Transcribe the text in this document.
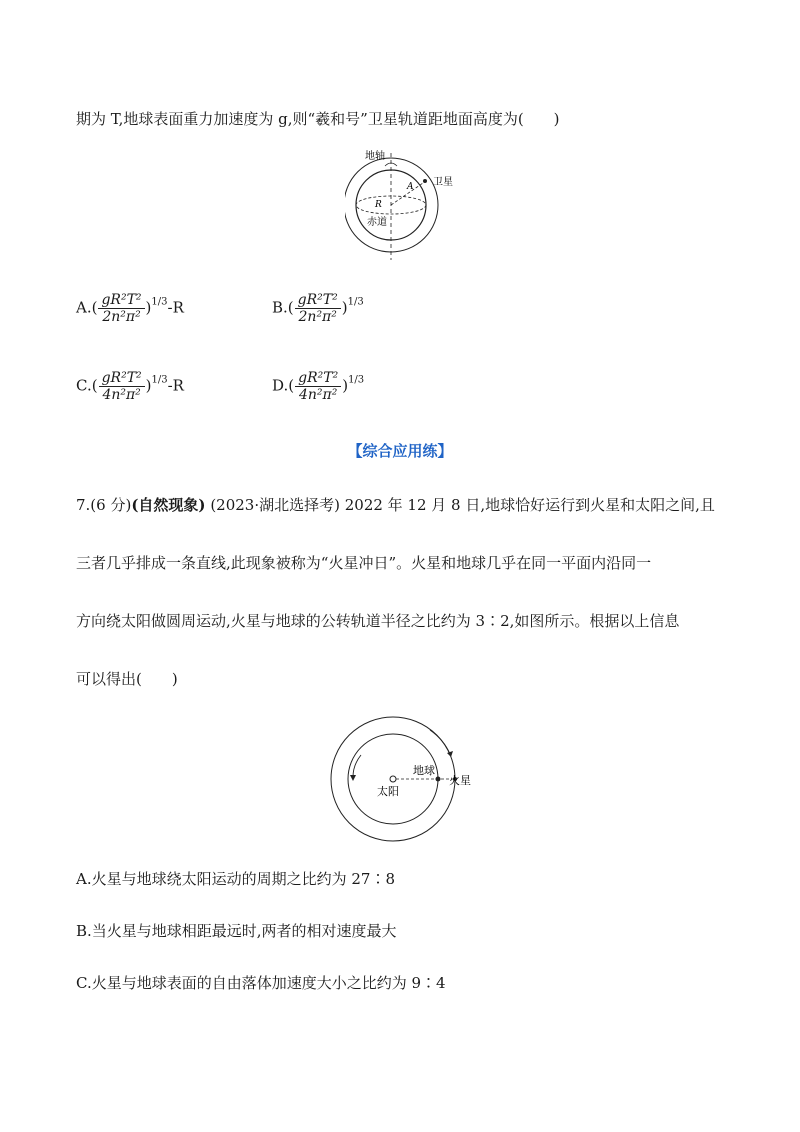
期为 T,地球表面重力加速度为 g,则“羲和号”卫星轨道距地面高度为(　　)
地轴
卫星
A
R
赤道
$A.( \frac{\text{gR²T²}}{\text{2n²π²}} )^{1/3}-R$	$B.( \frac{\text{gR²T²}}{\text{2n²π²}} )^{1/3}$
$C.( \frac{\text{gR²T²}}{\text{4n²π²}} )^{1/3}-R$	$D.( \frac{\text{gR²T²}}{\text{4n²π²}} )^{1/3}$
【综合应用练】
7.(6 分)(自然现象) (2023·湖北选择考) 2022 年 12 月 8 日,地球恰好运行到火星和太阳之间,且
三者几乎排成一条直线,此现象被称为“火星冲日”。火星和地球几乎在同一平面内沿同一
方向绕太阳做圆周运动,火星与地球的公转轨道半径之比约为 3∶2,如图所示。根据以上信息
可以得出(　　)
太阳
地球
火星
A.火星与地球绕太阳运动的周期之比约为 27∶8
B.当火星与地球相距最远时,两者的相对速度最大
C.火星与地球表面的自由落体加速度大小之比约为 9∶4
